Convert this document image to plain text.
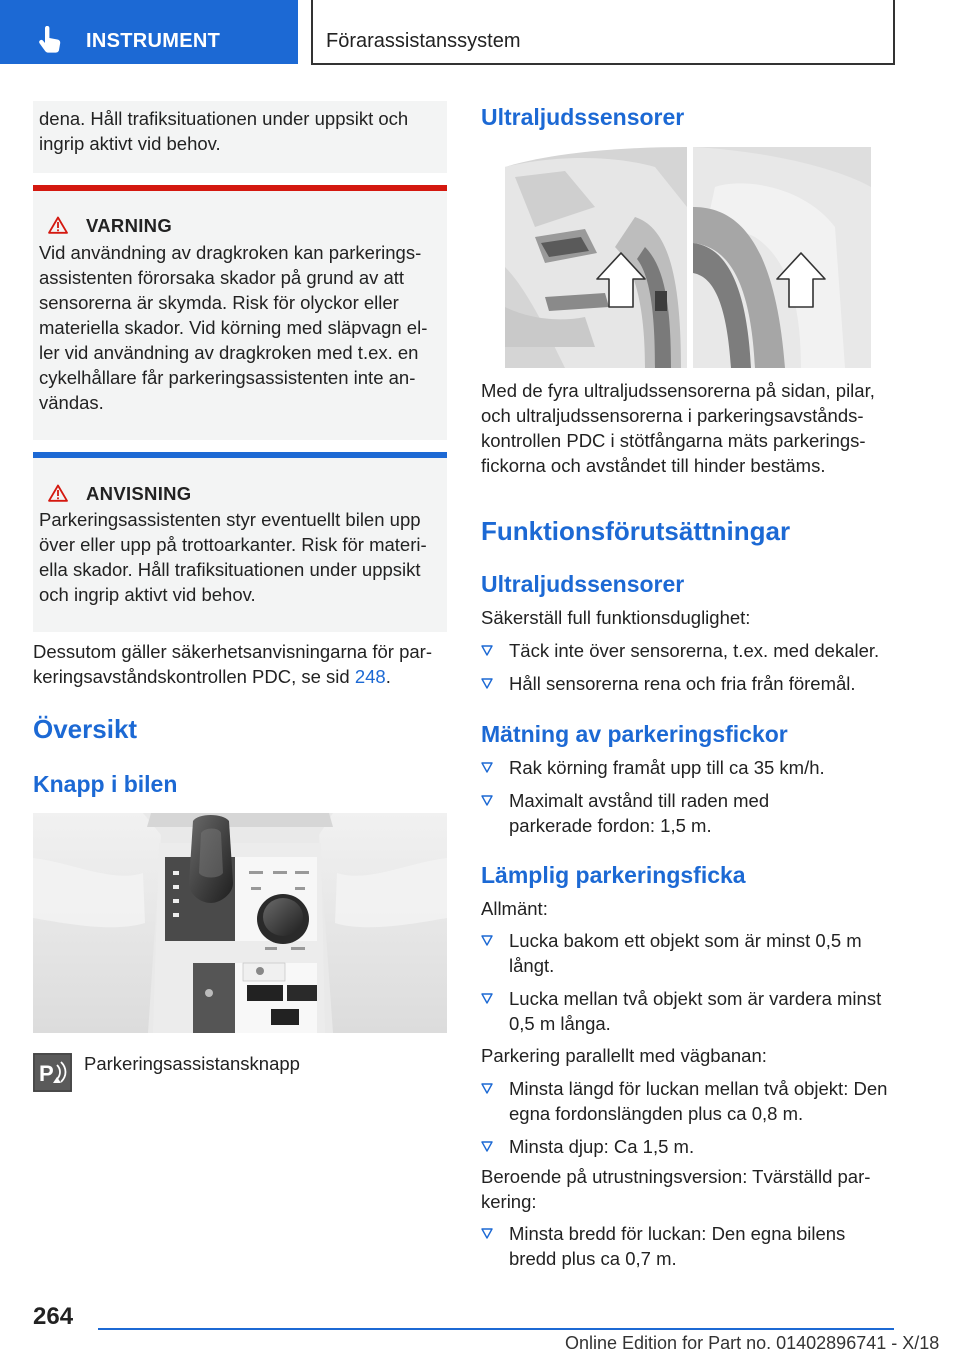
INSTRUMENT	Förarassistanssystem
dena. Håll trafiksituationen under uppsikt och ingrip aktivt vid behov.
VARNING
Vid användning av dragkroken kan parkeringsassistenten förorsaka skador på grund av att sensorerna är skymda. Risk för olyckor eller materiella skador. Vid körning med släpvagn eller vid användning av dragkroken med t.ex. en cykelhållare får parkeringsassistenten inte användas.
ANVISNING
Parkeringsassistenten styr eventuellt bilen upp över eller upp på trottoarkanter. Risk för materiella skador. Håll trafiksituationen under uppsikt och ingrip aktivt vid behov.
Dessutom gäller säkerhetsanvisningarna för parkeringsavståndskontrollen PDC, se sid 248.
Översikt
Knapp i bilen
P Parkeringsassistansknapp
Ultraljudssensorer
Med de fyra ultraljudssensorerna på sidan, pilar, och ultraljudssensorerna i parkeringsavståndskontrollen PDC i stötfångarna mäts parkeringsfickorna och avståndet till hinder bestäms.
Funktionsförutsättningar
Ultraljudssensorer
Säkerställ full funktionsduglighet:
Täck inte över sensorerna, t.ex. med dekaler.
Håll sensorerna rena och fria från föremål.
Mätning av parkeringsfickor
Rak körning framåt upp till ca 35 km/h.
Maximalt avstånd till raden med parkerade fordon: 1,5 m.
Lämplig parkeringsficka
Allmänt:
Lucka bakom ett objekt som är minst 0,5 m långt.
Lucka mellan två objekt som är vardera minst 0,5 m långa.
Parkering parallellt med vägbanan:
Minsta längd för luckan mellan två objekt: Den egna fordonslängden plus ca 0,8 m.
Minsta djup: Ca 1,5 m.
Beroende på utrustningsversion: Tvärställd parkering:
Minsta bredd för luckan: Den egna bilens bredd plus ca 0,7 m.
264
Online Edition for Part no. 01402896741 - X/18
